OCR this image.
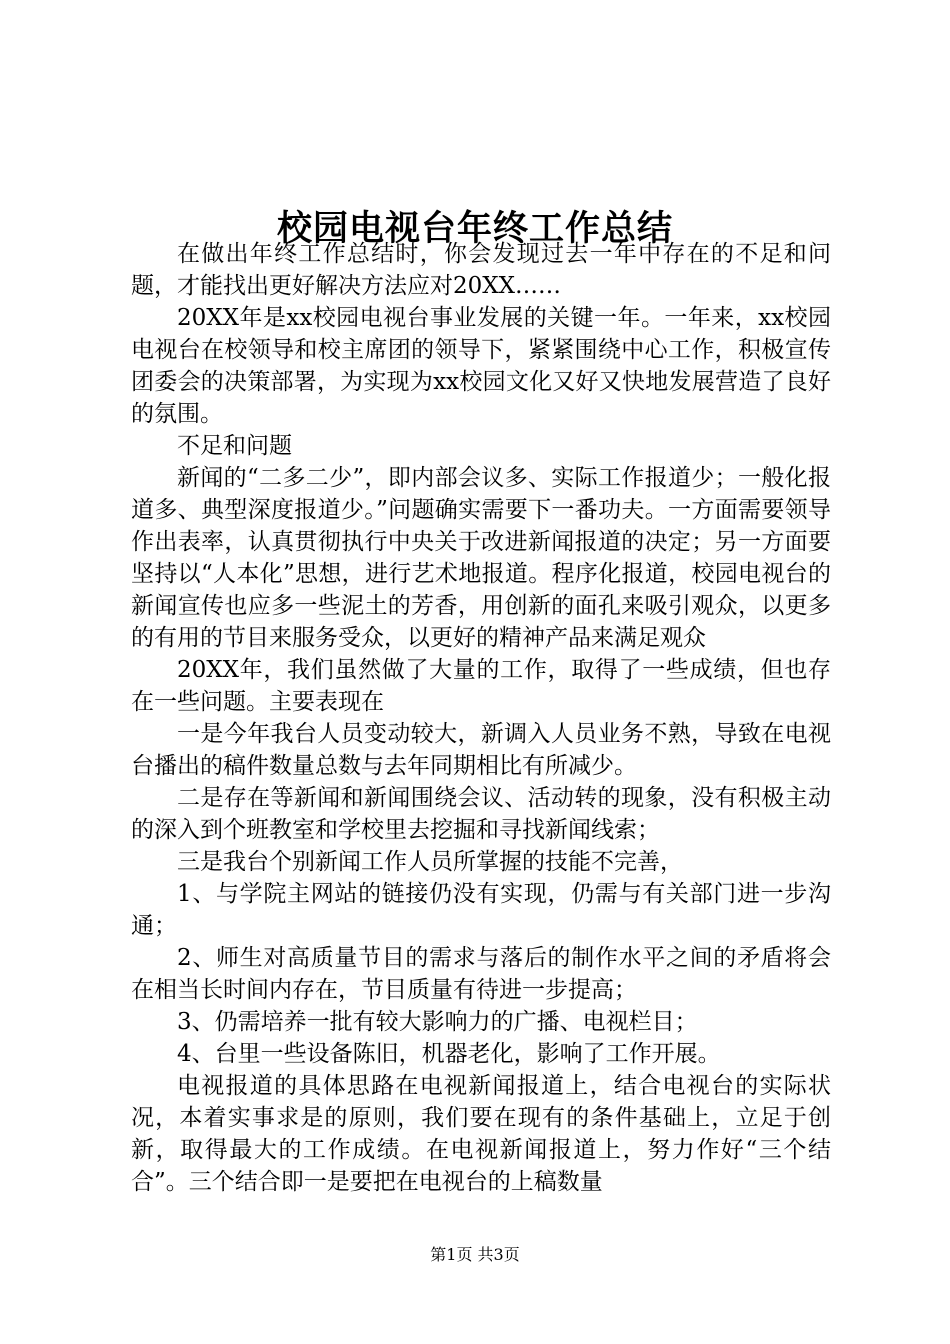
校园电视台年终工作总结

在做出年终工作总结时，你会发现过去一年中存在的不足和问题，才能找出更好解决方法应对20XX……

20XX年是xx校园电视台事业发展的关键一年。一年来，xx校园电视台在校领导和校主席团的领导下，紧紧围绕中心工作，积极宣传团委会的决策部署，为实现为xx校园文化又好又快地发展营造了良好的氛围。

不足和问题

新闻的“二多二少”，即内部会议多、实际工作报道少；一般化报道多、典型深度报道少。”问题确实需要下一番功夫。一方面需要领导作出表率，认真贯彻执行中央关于改进新闻报道的决定；另一方面要坚持以“人本化”思想，进行艺术地报道。程序化报道，校园电视台的新闻宣传也应多一些泥土的芳香，用创新的面孔来吸引观众，以更多的有用的节目来服务受众，以更好的精神产品来满足观众

20XX年，我们虽然做了大量的工作，取得了一些成绩，但也存在一些问题。主要表现在

一是今年我台人员变动较大，新调入人员业务不熟，导致在电视台播出的稿件数量总数与去年同期相比有所减少。

二是存在等新闻和新闻围绕会议、活动转的现象，没有积极主动的深入到个班教室和学校里去挖掘和寻找新闻线索；

三是我台个别新闻工作人员所掌握的技能不完善，

1、与学院主网站的链接仍没有实现，仍需与有关部门进一步沟通；

2、师生对高质量节目的需求与落后的制作水平之间的矛盾将会在相当长时间内存在，节目质量有待进一步提高；

3、仍需培养一批有较大影响力的广播、电视栏目；

4、台里一些设备陈旧，机器老化，影响了工作开展。

电视报道的具体思路在电视新闻报道上，结合电视台的实际状况，本着实事求是的原则，我们要在现有的条件基础上，立足于创新，取得最大的工作成绩。在电视新闻报道上，努力作好“三个结合”。三个结合即一是要把在电视台的上稿数量

第1页 共3页
